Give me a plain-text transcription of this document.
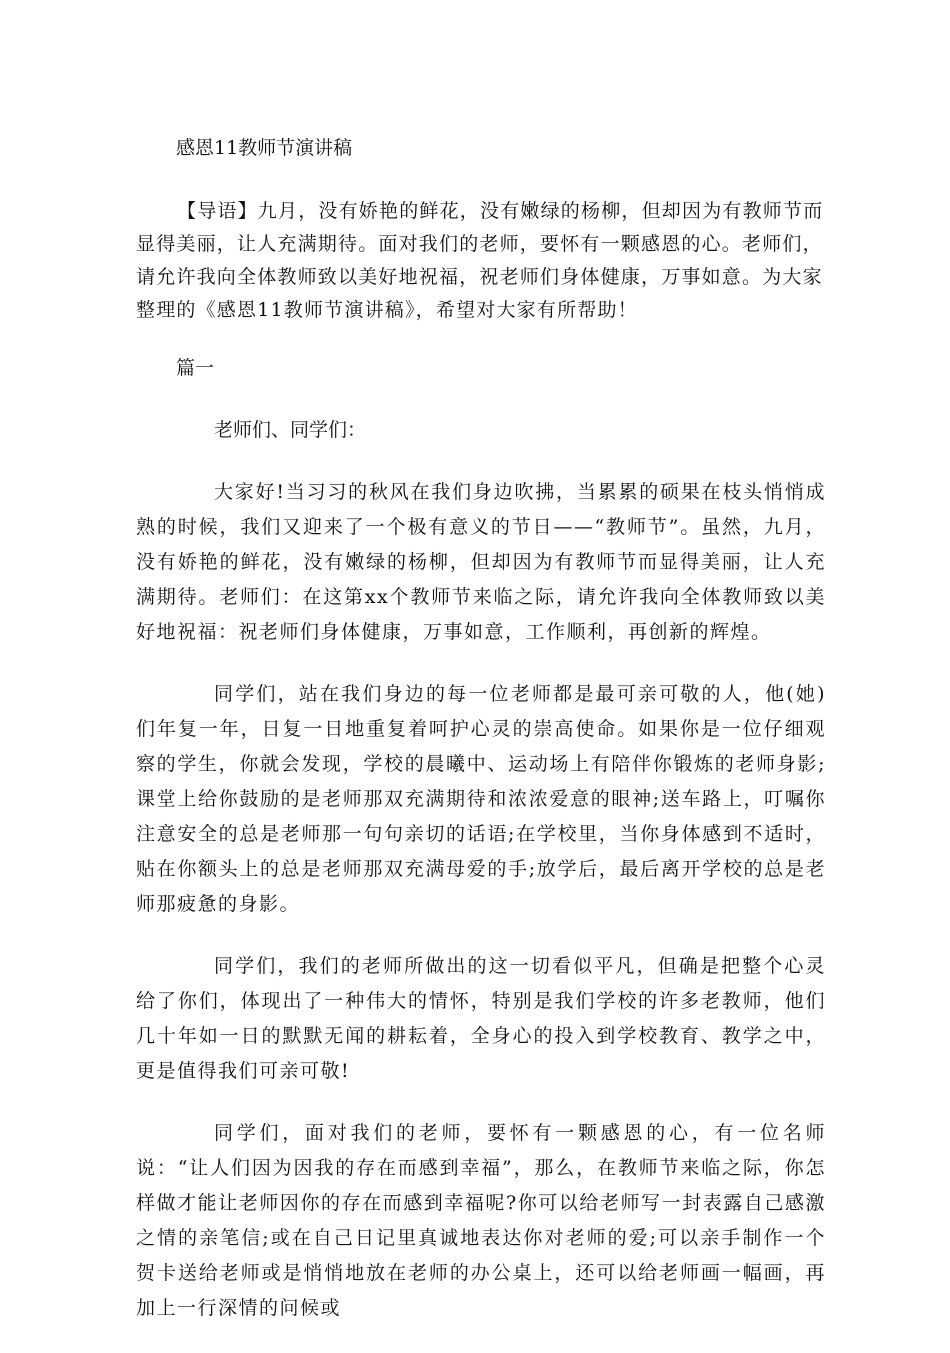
感恩11教师节演讲稿
【导语】九月，没有娇艳的鲜花，没有嫩绿的杨柳，但却因为有教师节而显得美丽，让人充满期待。面对我们的老师，要怀有一颗感恩的心。老师们，请允许我向全体教师致以美好地祝福，祝老师们身体健康，万事如意。为大家整理的《感恩11教师节演讲稿》，希望对大家有所帮助！
篇一
老师们、同学们：
大家好!当习习的秋风在我们身边吹拂，当累累的硕果在枝头悄悄成熟的时候，我们又迎来了一个极有意义的节日——“教师节”。虽然，九月，没有娇艳的鲜花，没有嫩绿的杨柳，但却因为有教师节而显得美丽，让人充满期待。老师们：在这第xx个教师节来临之际，请允许我向全体教师致以美好地祝福：祝老师们身体健康，万事如意，工作顺利，再创新的辉煌。
同学们，站在我们身边的每一位老师都是最可亲可敬的人，他(她)们年复一年，日复一日地重复着呵护心灵的崇高使命。如果你是一位仔细观察的学生，你就会发现，学校的晨曦中、运动场上有陪伴你锻炼的老师身影;课堂上给你鼓励的是老师那双充满期待和浓浓爱意的眼神;送车路上，叮嘱你注意安全的总是老师那一句句亲切的话语;在学校里，当你身体感到不适时，贴在你额头上的总是老师那双充满母爱的手;放学后，最后离开学校的总是老师那疲惫的身影。
同学们，我们的老师所做出的这一切看似平凡，但确是把整个心灵给了你们，体现出了一种伟大的情怀，特别是我们学校的许多老教师，他们几十年如一日的默默无闻的耕耘着，全身心的投入到学校教育、教学之中，更是值得我们可亲可敬!
同学们，面对我们的老师，要怀有一颗感恩的心，有一位名师说：“让人们因为因我的存在而感到幸福”，那么，在教师节来临之际，你怎样做才能让老师因你的存在而感到幸福呢?你可以给老师写一封表露自己感激之情的亲笔信;或在自己日记里真诚地表达你对老师的爱;可以亲手制作一个贺卡送给老师或是悄悄地放在老师的办公桌上，还可以给老师画一幅画，再加上一行深情的问候或
